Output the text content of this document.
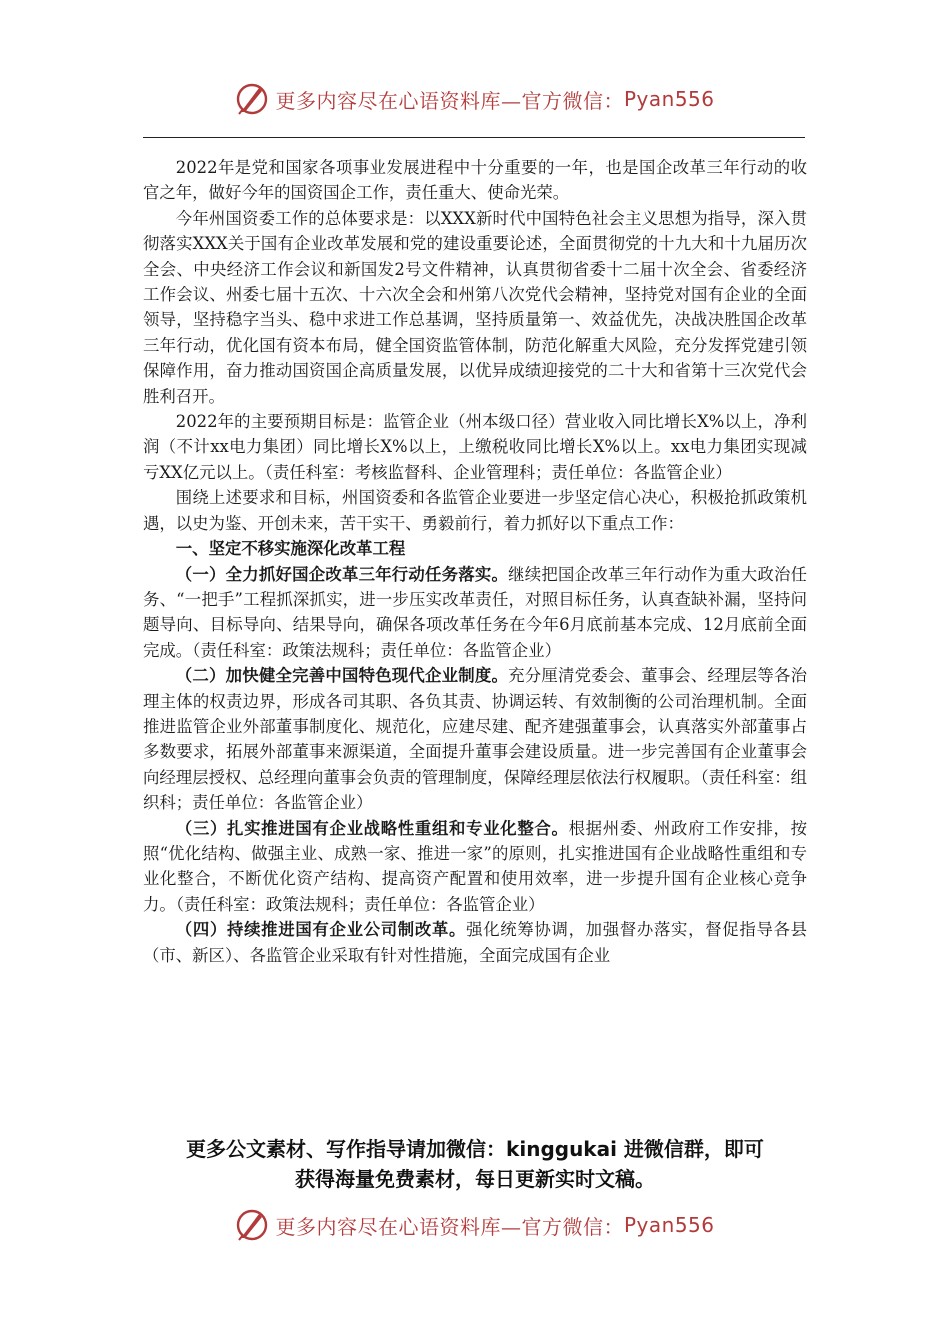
更多内容尽在心语资料库—官方微信： Pyan556

2022年是党和国家各项事业发展进程中十分重要的一年，也是国企改革三年行动的收官之年，做好今年的国资国企工作，责任重大、使命光荣。

今年州国资委工作的总体要求是：以XXX新时代中国特色社会主义思想为指导，深入贯彻落实XXX关于国有企业改革发展和党的建设重要论述，全面贯彻党的十九大和十九届历次全会、中央经济工作会议和新国发2号文件精神，认真贯彻省委十二届十次全会、省委经济工作会议、州委七届十五次、十六次全会和州第八次党代会精神，坚持党对国有企业的全面领导，坚持稳字当头、稳中求进工作总基调，坚持质量第一、效益优先，决战决胜国企改革三年行动，优化国有资本布局，健全国资监管体制，防范化解重大风险，充分发挥党建引领保障作用，奋力推动国资国企高质量发展，以优异成绩迎接党的二十大和省第十三次党代会胜利召开。

2022年的主要预期目标是：监管企业（州本级口径）营业收入同比增长X%以上，净利润（不计xx电力集团）同比增长X%以上，上缴税收同比增长X%以上。xx电力集团实现减亏XX亿元以上。（责任科室：考核监督科、企业管理科；责任单位：各监管企业）

围绕上述要求和目标，州国资委和各监管企业要进一步坚定信心决心，积极抢抓政策机遇，以史为鉴、开创未来，苦干实干、勇毅前行，着力抓好以下重点工作：

一、坚定不移实施深化改革工程

（一）全力抓好国企改革三年行动任务落实。继续把国企改革三年行动作为重大政治任务、“一把手”工程抓深抓实，进一步压实改革责任，对照目标任务，认真查缺补漏，坚持问题导向、目标导向、结果导向，确保各项改革任务在今年6月底前基本完成、12月底前全面完成。（责任科室：政策法规科；责任单位：各监管企业）

（二）加快健全完善中国特色现代企业制度。充分厘清党委会、董事会、经理层等各治理主体的权责边界，形成各司其职、各负其责、协调运转、有效制衡的公司治理机制。全面推进监管企业外部董事制度化、规范化，应建尽建、配齐建强董事会，认真落实外部董事占多数要求，拓展外部董事来源渠道，全面提升董事会建设质量。进一步完善国有企业董事会向经理层授权、总经理向董事会负责的管理制度，保障经理层依法行权履职。（责任科室：组织科；责任单位：各监管企业）

（三）扎实推进国有企业战略性重组和专业化整合。根据州委、州政府工作安排，按照“优化结构、做强主业、成熟一家、推进一家”的原则，扎实推进国有企业战略性重组和专业化整合，不断优化资产结构、提高资产配置和使用效率，进一步提升国有企业核心竞争力。（责任科室：政策法规科；责任单位：各监管企业）

（四）持续推进国有企业公司制改革。强化统筹协调，加强督办落实，督促指导各县（市、新区）、各监管企业采取有针对性措施，全面完成国有企业

更多公文素材、写作指导请加微信：kinggukai 进微信群，即可
获得海量免费素材，每日更新实时文稿。
更多内容尽在心语资料库—官方微信： Pyan556
